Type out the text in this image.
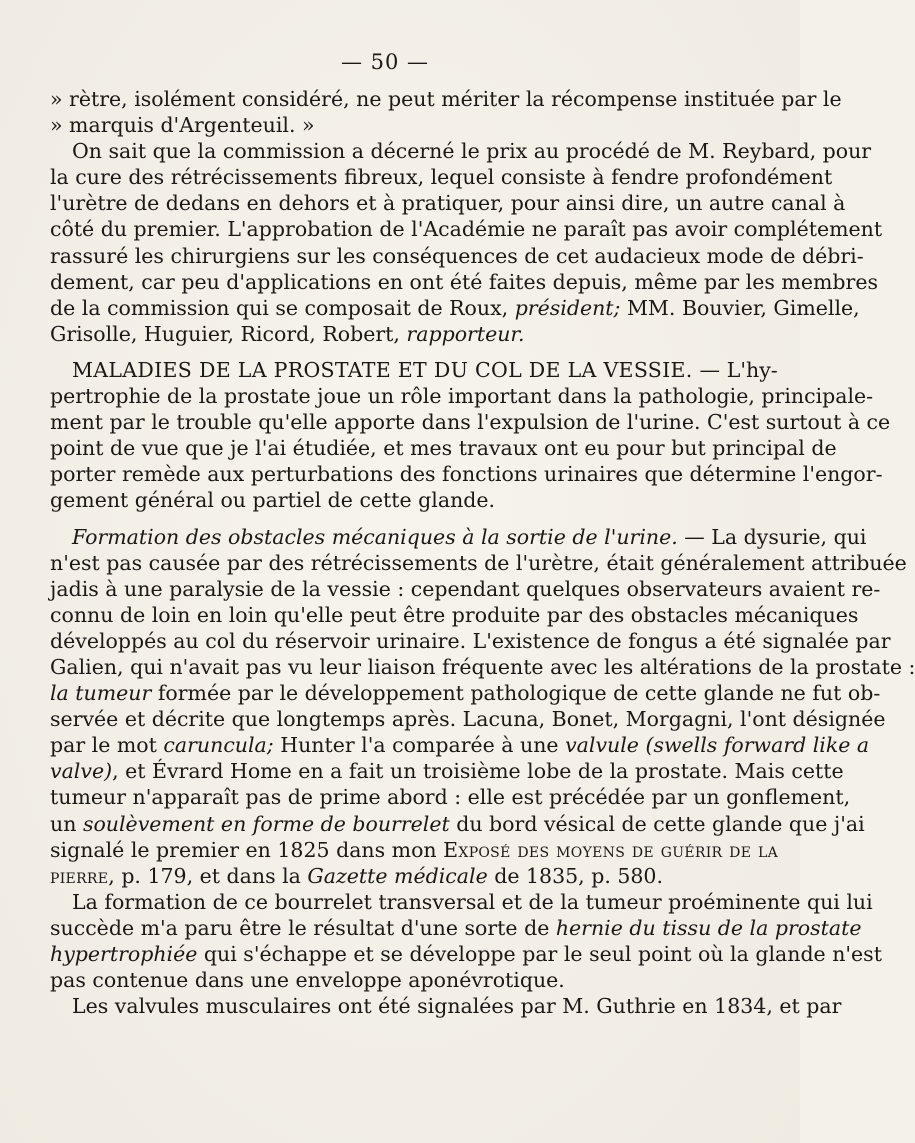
— 50 —
» rètre, isolément considéré, ne peut mériter la récompense instituée par le
» marquis d'Argenteuil. »
On sait que la commission a décerné le prix au procédé de M. Reybard, pour
la cure des rétrécissements fibreux, lequel consiste à fendre profondément
l'urètre de dedans en dehors et à pratiquer, pour ainsi dire, un autre canal à
côté du premier. L'approbation de l'Académie ne paraît pas avoir complétement
rassuré les chirurgiens sur les conséquences de cet audacieux mode de débri-
dement, car peu d'applications en ont été faites depuis, même par les membres
de la commission qui se composait de Roux, président; MM. Bouvier, Gimelle,
Grisolle, Huguier, Ricord, Robert, rapporteur.
MALADIES DE LA PROSTATE ET DU COL DE LA VESSIE. — L'hy-
pertrophie de la prostate joue un rôle important dans la pathologie, principale-
ment par le trouble qu'elle apporte dans l'expulsion de l'urine. C'est surtout à ce
point de vue que je l'ai étudiée, et mes travaux ont eu pour but principal de
porter remède aux perturbations des fonctions urinaires que détermine l'engor-
gement général ou partiel de cette glande.
Formation des obstacles mécaniques à la sortie de l'urine. — La dysurie, qui
n'est pas causée par des rétrécissements de l'urètre, était généralement attribuée
jadis à une paralysie de la vessie : cependant quelques observateurs avaient re-
connu de loin en loin qu'elle peut être produite par des obstacles mécaniques
développés au col du réservoir urinaire. L'existence de fongus a été signalée par
Galien, qui n'avait pas vu leur liaison fréquente avec les altérations de la prostate :
la tumeur formée par le développement pathologique de cette glande ne fut ob-
servée et décrite que longtemps après. Lacuna, Bonet, Morgagni, l'ont désignée
par le mot caruncula; Hunter l'a comparée à une valvule (swells forward like a
valve), et Évrard Home en a fait un troisième lobe de la prostate. Mais cette
tumeur n'apparaît pas de prime abord : elle est précédée par un gonflement,
un soulèvement en forme de bourrelet du bord vésical de cette glande que j'ai
signalé le premier en 1825 dans mon Exposé des moyens de guérir de la
pierre, p. 179, et dans la Gazette médicale de 1835, p. 580.
La formation de ce bourrelet transversal et de la tumeur proéminente qui lui
succède m'a paru être le résultat d'une sorte de hernie du tissu de la prostate
hypertrophiée qui s'échappe et se développe par le seul point où la glande n'est
pas contenue dans une enveloppe aponévrotique.
Les valvules musculaires ont été signalées par M. Guthrie en 1834, et par
